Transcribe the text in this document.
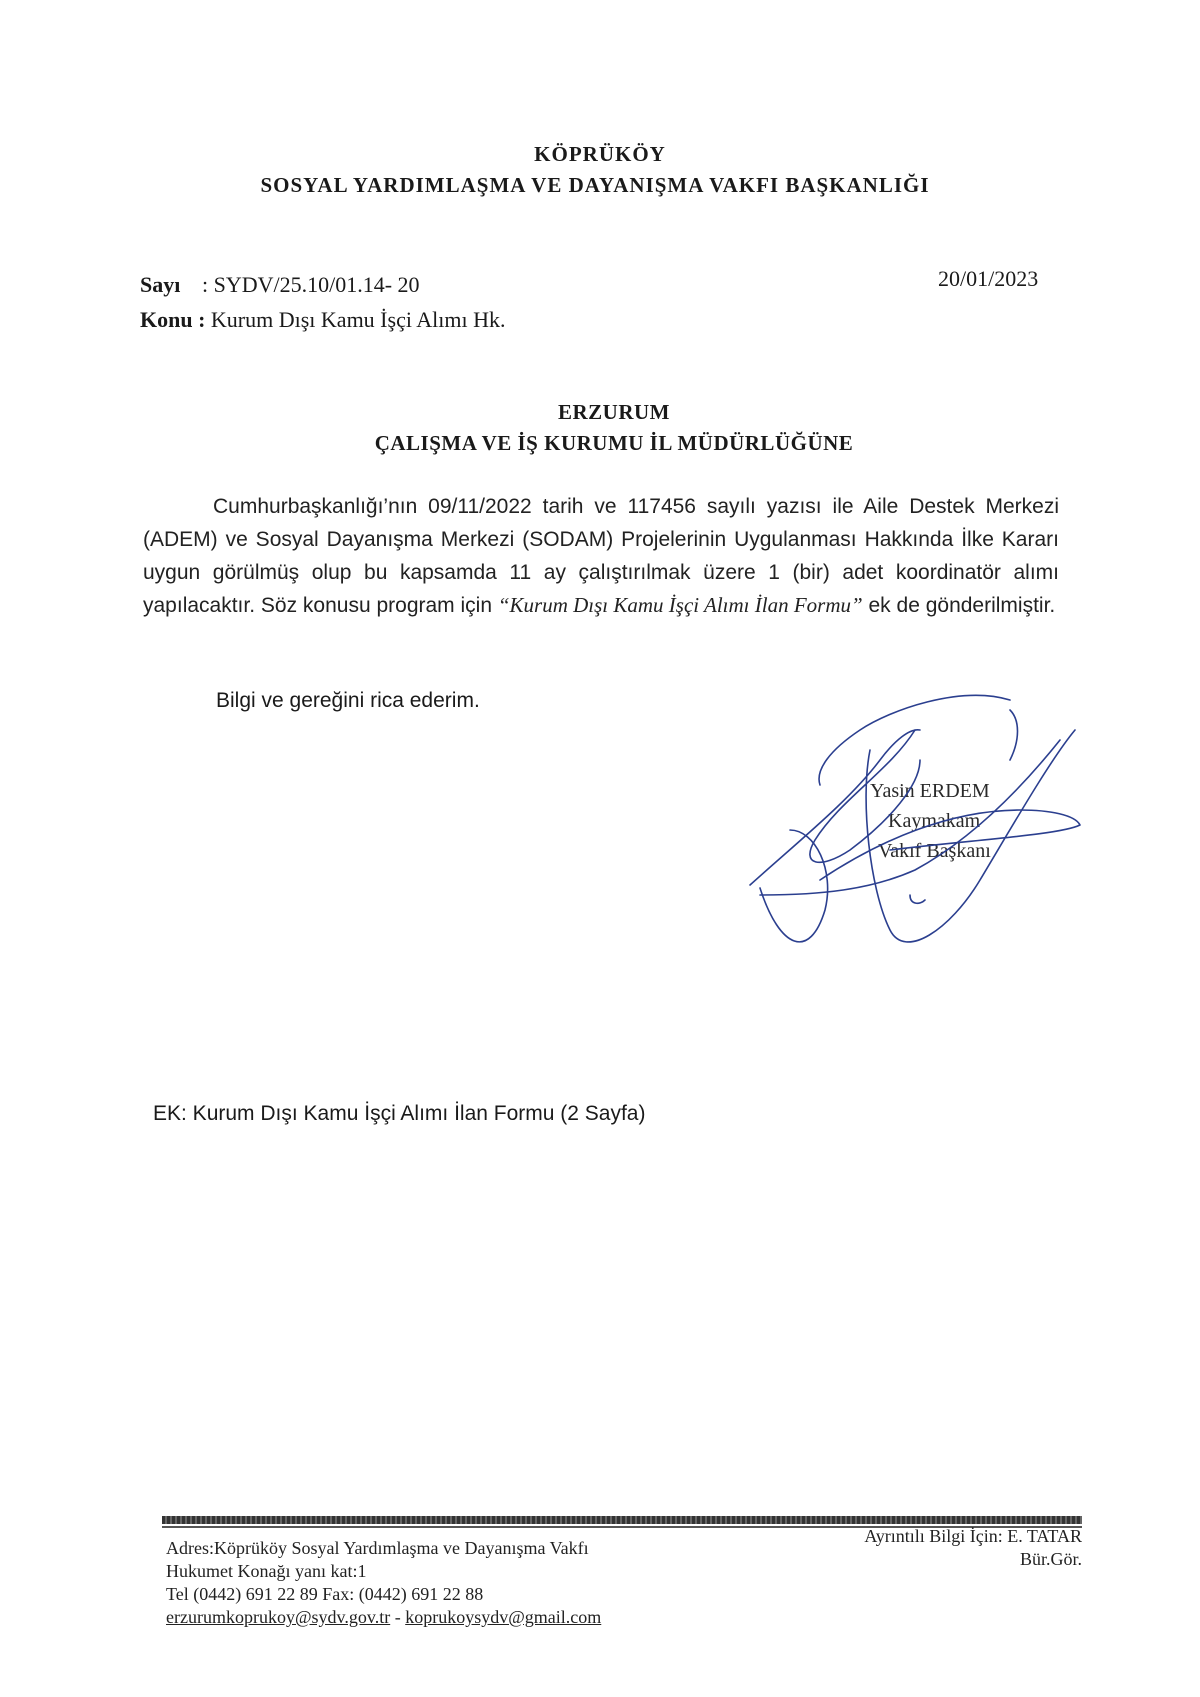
KÖPRÜKÖY
SOSYAL YARDIMLAŞMA VE DAYANIŞMA VAKFI BAŞKANLIĞI
Sayı : SYDV/25.10/01.14- 20
Konu : Kurum Dışı Kamu İşçi Alımı Hk.
20/01/2023
ERZURUM
ÇALIŞMA VE İŞ KURUMU İL MÜDÜRLÜĞÜNE
Cumhurbaşkanlığı’nın 09/11/2022 tarih ve 117456 sayılı yazısı ile Aile Destek Merkezi (ADEM) ve Sosyal Dayanışma Merkezi (SODAM) Projelerinin Uygulanması Hakkında İlke Kararı uygun görülmüş olup bu kapsamda 11 ay çalıştırılmak üzere 1 (bir) adet koordinatör alımı yapılacaktır. Söz konusu program için “Kurum Dışı Kamu İşçi Alımı İlan Formu” ek de gönderilmiştir.
Bilgi ve gereğini rica ederim.
Yasin ERDEM
Kaymakam
Vakıf Başkanı
EK: Kurum Dışı Kamu İşçi Alımı İlan Formu (2 Sayfa)
Adres:Köprüköy Sosyal Yardımlaşma ve Dayanışma Vakfı
Hukumet Konağı yanı kat:1
Tel (0442) 691 22 89 Fax: (0442) 691 22 88
erzurumkoprukoy@sydv.gov.tr - koprukoysydv@gmail.com
Ayrıntılı Bilgi İçin: E. TATAR
Bür.Gör.
